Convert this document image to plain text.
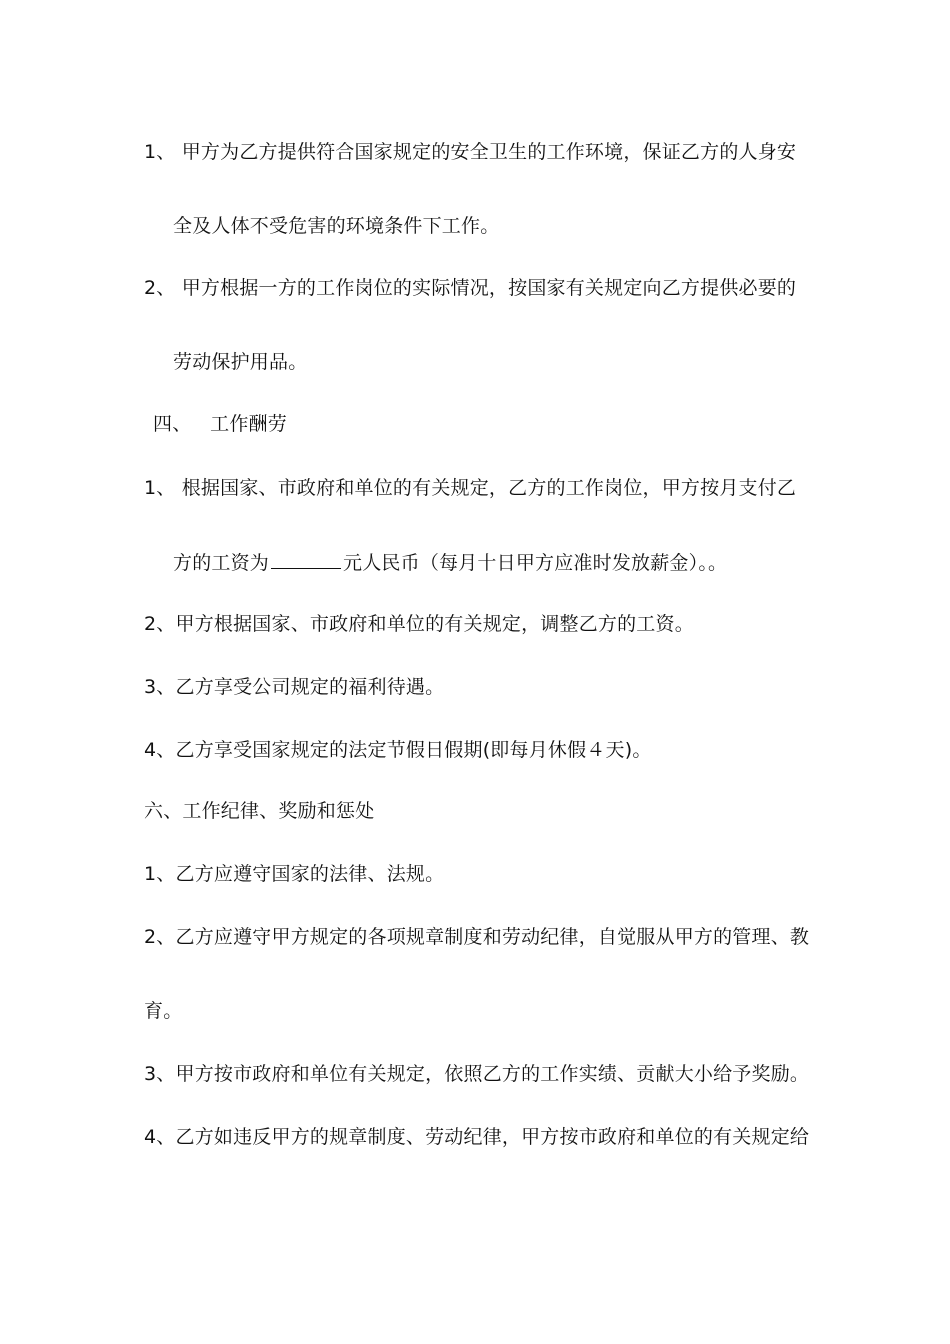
1、 甲方为乙方提供符合国家规定的安全卫生的工作环境，保证乙方的人身安
全及人体不受危害的环境条件下工作。
2、 甲方根据一方的工作岗位的实际情况，按国家有关规定向乙方提供必要的
劳动保护用品。
四、   工作酬劳
1、 根据国家、市政府和单位的有关规定，乙方的工作岗位，甲方按月支付乙
方的工资为	元人民币（每月十日甲方应准时发放薪金）。。
2、甲方根据国家、市政府和单位的有关规定，调整乙方的工资。
3、乙方享受公司规定的福利待遇。
4、乙方享受国家规定的法定节假日假期(即每月休假４天)。
六、工作纪律、奖励和惩处
1、乙方应遵守国家的法律、法规。
2、乙方应遵守甲方规定的各项规章制度和劳动纪律，自觉服从甲方的管理、教
育。
3、甲方按市政府和单位有关规定，依照乙方的工作实绩、贡献大小给予奖励。
4、乙方如违反甲方的规章制度、劳动纪律，甲方按市政府和单位的有关规定给
